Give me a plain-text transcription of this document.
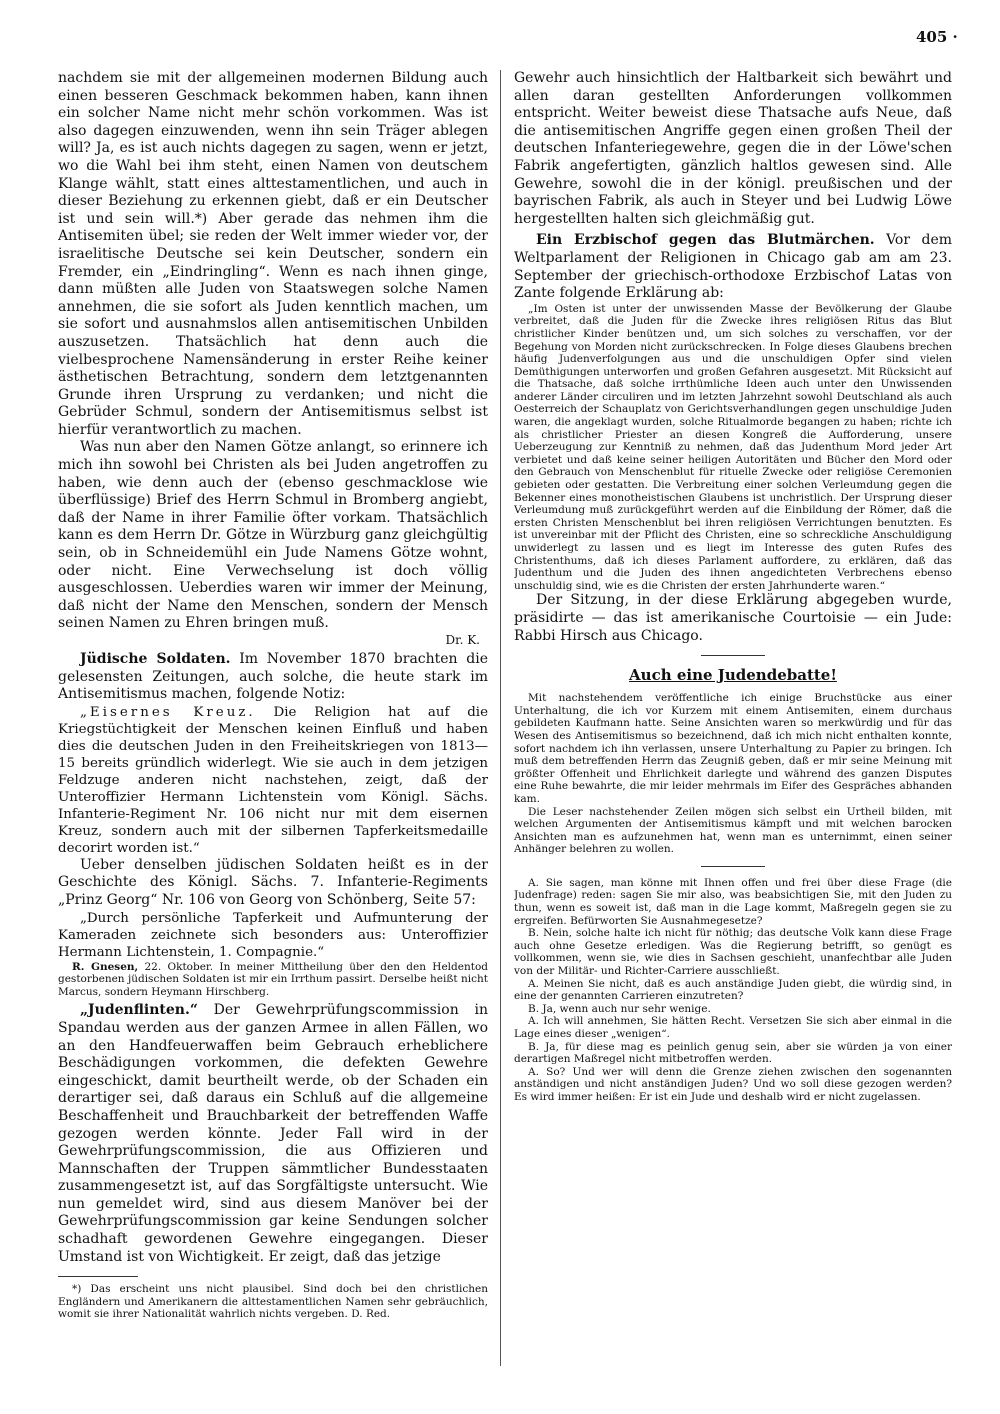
405 ·

nachdem sie mit der allgemeinen modernen Bildung auch einen besseren Geschmack bekommen haben, kann ihnen ein solcher Name nicht mehr schön vorkommen. Was ist also dagegen einzuwenden, wenn ihn sein Träger ablegen will? Ja, es ist auch nichts dagegen zu sagen, wenn er jetzt, wo die Wahl bei ihm steht, einen Namen von deutschem Klange wählt, statt eines alttestamentlichen, und auch in dieser Beziehung zu erkennen giebt, daß er ein Deutscher ist und sein will.*) Aber gerade das nehmen ihm die Antisemiten übel; sie reden der Welt immer wieder vor, der israelitische Deutsche sei kein Deutscher, sondern ein Fremder, ein „Eindringling“. Wenn es nach ihnen ginge, dann müßten alle Juden von Staatswegen solche Namen annehmen, die sie sofort als Juden kenntlich machen, um sie sofort und ausnahmslos allen antisemitischen Unbilden auszusetzen. Thatsächlich hat denn auch die vielbesprochene Namensänderung in erster Reihe keiner ästhetischen Betrachtung, sondern dem letztgenannten Grunde ihren Ursprung zu verdanken; und nicht die Gebrüder Schmul, sondern der Antisemitismus selbst ist hierfür verantwortlich zu machen.

Was nun aber den Namen Götze anlangt, so erinnere ich mich ihn sowohl bei Christen als bei Juden angetroffen zu haben, wie denn auch der (ebenso geschmacklose wie überflüssige) Brief des Herrn Schmul in Bromberg angiebt, daß der Name in ihrer Familie öfter vorkam. Thatsächlich kann es dem Herrn Dr. Götze in Würzburg ganz gleichgültig sein, ob in Schneidemühl ein Jude Namens Götze wohnt, oder nicht. Eine Verwechselung ist doch völlig ausgeschlossen. Ueberdies waren wir immer der Meinung, daß nicht der Name den Menschen, sondern der Mensch seinen Namen zu Ehren bringen muß.

Dr. K.

Jüdische Soldaten. Im November 1870 brachten die gelesensten Zeitungen, auch solche, die heute stark im Antisemitismus machen, folgende Notiz:

„Eisernes Kreuz. Die Religion hat auf die Kriegstüchtigkeit der Menschen keinen Einfluß und haben dies die deutschen Juden in den Freiheitskriegen von 1813—15 bereits gründlich widerlegt. Wie sie auch in dem jetzigen Feldzuge anderen nicht nachstehen, zeigt, daß der Unteroffizier Hermann Lichtenstein vom Königl. Sächs. Infanterie-Regiment Nr. 106 nicht nur mit dem eisernen Kreuz, sondern auch mit der silbernen Tapferkeitsmedaille decorirt worden ist.“

Ueber denselben jüdischen Soldaten heißt es in der Geschichte des Königl. Sächs. 7. Infanterie-Regiments „Prinz Georg“ Nr. 106 von Georg von Schönberg, Seite 57:

„Durch persönliche Tapferkeit und Aufmunterung der Kameraden zeichnete sich besonders aus: Unteroffizier Hermann Lichtenstein, 1. Compagnie.“

R. Gnesen, 22. Oktober. In meiner Mittheilung über den den Heldentod gestorbenen jüdischen Soldaten ist mir ein Irrthum passirt. Derselbe heißt nicht Marcus, sondern Heymann Hirschberg.

„Judenflinten.“ Der Gewehrprüfungscommission in Spandau werden aus der ganzen Armee in allen Fällen, wo an den Handfeuerwaffen beim Gebrauch erheblichere Beschädigungen vorkommen, die defekten Gewehre eingeschickt, damit beurtheilt werde, ob der Schaden ein derartiger sei, daß daraus ein Schluß auf die allgemeine Beschaffenheit und Brauchbarkeit der betreffenden Waffe gezogen werden könnte. Jeder Fall wird in der Gewehrprüfungscommission, die aus Offizieren und Mannschaften der Truppen sämmtlicher Bundesstaaten zusammengesetzt ist, auf das Sorgfältigste untersucht. Wie nun gemeldet wird, sind aus diesem Manöver bei der Gewehrprüfungscommission gar keine Sendungen solcher schadhaft gewordenen Gewehre eingegangen. Dieser Umstand ist von Wichtigkeit. Er zeigt, daß das jetzige

*) Das erscheint uns nicht plausibel. Sind doch bei den christlichen Engländern und Amerikanern die alttestamentlichen Namen sehr gebräuchlich, womit sie ihrer Nationalität wahrlich nichts vergeben. D. Red.

Gewehr auch hinsichtlich der Haltbarkeit sich bewährt und allen daran gestellten Anforderungen vollkommen entspricht. Weiter beweist diese Thatsache aufs Neue, daß die antisemitischen Angriffe gegen einen großen Theil der deutschen Infanteriegewehre, gegen die in der Löwe'schen Fabrik angefertigten, gänzlich haltlos gewesen sind. Alle Gewehre, sowohl die in der königl. preußischen und der bayrischen Fabrik, als auch in Steyer und bei Ludwig Löwe hergestellten halten sich gleichmäßig gut.

Ein Erzbischof gegen das Blutmärchen. Vor dem Weltparlament der Religionen in Chicago gab am am 23. September der griechisch-orthodoxe Erzbischof Latas von Zante folgende Erklärung ab:

„Im Osten ist unter der unwissenden Masse der Bevölkerung der Glaube verbreitet, daß die Juden für die Zwecke ihres religiösen Ritus das Blut christlicher Kinder benützen und, um sich solches zu verschaffen, vor der Begehung von Morden nicht zurückschrecken. In Folge dieses Glaubens brechen häufig Judenverfolgungen aus und die unschuldigen Opfer sind vielen Demüthigungen unterworfen und großen Gefahren ausgesetzt. Mit Rücksicht auf die Thatsache, daß solche irrthümliche Ideen auch unter den Unwissenden anderer Länder circuliren und im letzten Jahrzehnt sowohl Deutschland als auch Oesterreich der Schauplatz von Gerichtsverhandlungen gegen unschuldige Juden waren, die angeklagt wurden, solche Ritualmorde begangen zu haben; richte ich als christlicher Priester an diesen Kongreß die Aufforderung, unsere Ueberzeugung zur Kenntniß zu nehmen, daß das Judenthum Mord jeder Art verbietet und daß keine seiner heiligen Autoritäten und Bücher den Mord oder den Gebrauch von Menschenblut für rituelle Zwecke oder religiöse Ceremonien gebieten oder gestatten. Die Verbreitung einer solchen Verleumdung gegen die Bekenner eines monotheistischen Glaubens ist unchristlich. Der Ursprung dieser Verleumdung muß zurückgeführt werden auf die Einbildung der Römer, daß die ersten Christen Menschenblut bei ihren religiösen Verrichtungen benutzten. Es ist unvereinbar mit der Pflicht des Christen, eine so schreckliche Anschuldigung unwiderlegt zu lassen und es liegt im Interesse des guten Rufes des Christenthums, daß ich dieses Parlament auffordere, zu erklären, daß das Judenthum und die Juden des ihnen angedichteten Verbrechens ebenso unschuldig sind, wie es die Christen der ersten Jahrhunderte waren.“

Der Sitzung, in der diese Erklärung abgegeben wurde, präsidirte — das ist amerikanische Courtoisie — ein Jude: Rabbi Hirsch aus Chicago.

Auch eine Judendebatte!

Mit nachstehendem veröffentliche ich einige Bruchstücke aus einer Unterhaltung, die ich vor Kurzem mit einem Antisemiten, einem durchaus gebildeten Kaufmann hatte. Seine Ansichten waren so merkwürdig und für das Wesen des Antisemitismus so bezeichnend, daß ich mich nicht enthalten konnte, sofort nachdem ich ihn verlassen, unsere Unterhaltung zu Papier zu bringen. Ich muß dem betreffenden Herrn das Zeugniß geben, daß er mir seine Meinung mit größter Offenheit und Ehrlichkeit darlegte und während des ganzen Disputes eine Ruhe bewahrte, die mir leider mehrmals im Eifer des Gespräches abhanden kam.

Die Leser nachstehender Zeilen mögen sich selbst ein Urtheil bilden, mit welchen Argumenten der Antisemitismus kämpft und mit welchen barocken Ansichten man es aufzunehmen hat, wenn man es unternimmt, einen seiner Anhänger belehren zu wollen.

A. Sie sagen, man könne mit Ihnen offen und frei über diese Frage (die Judenfrage) reden: sagen Sie mir also, was beabsichtigen Sie, mit den Juden zu thun, wenn es soweit ist, daß man in die Lage kommt, Maßregeln gegen sie zu ergreifen. Befürworten Sie Ausnahmegesetze?

B. Nein, solche halte ich nicht für nöthig; das deutsche Volk kann diese Frage auch ohne Gesetze erledigen. Was die Regierung betrifft, so genügt es vollkommen, wenn sie, wie dies in Sachsen geschieht, unanfechtbar alle Juden von der Militär- und Richter-Carriere ausschließt.

A. Meinen Sie nicht, daß es auch anständige Juden giebt, die würdig sind, in eine der genannten Carrieren einzutreten?

B. Ja, wenn auch nur sehr wenige.

A. Ich will annehmen, Sie hätten Recht. Versetzen Sie sich aber einmal in die Lage eines dieser „wenigen“.

B. Ja, für diese mag es peinlich genug sein, aber sie würden ja von einer derartigen Maßregel nicht mitbetroffen werden.

A. So? Und wer will denn die Grenze ziehen zwischen den sogenannten anständigen und nicht anständigen Juden? Und wo soll diese gezogen werden? Es wird immer heißen: Er ist ein Jude und deshalb wird er nicht zugelassen.
